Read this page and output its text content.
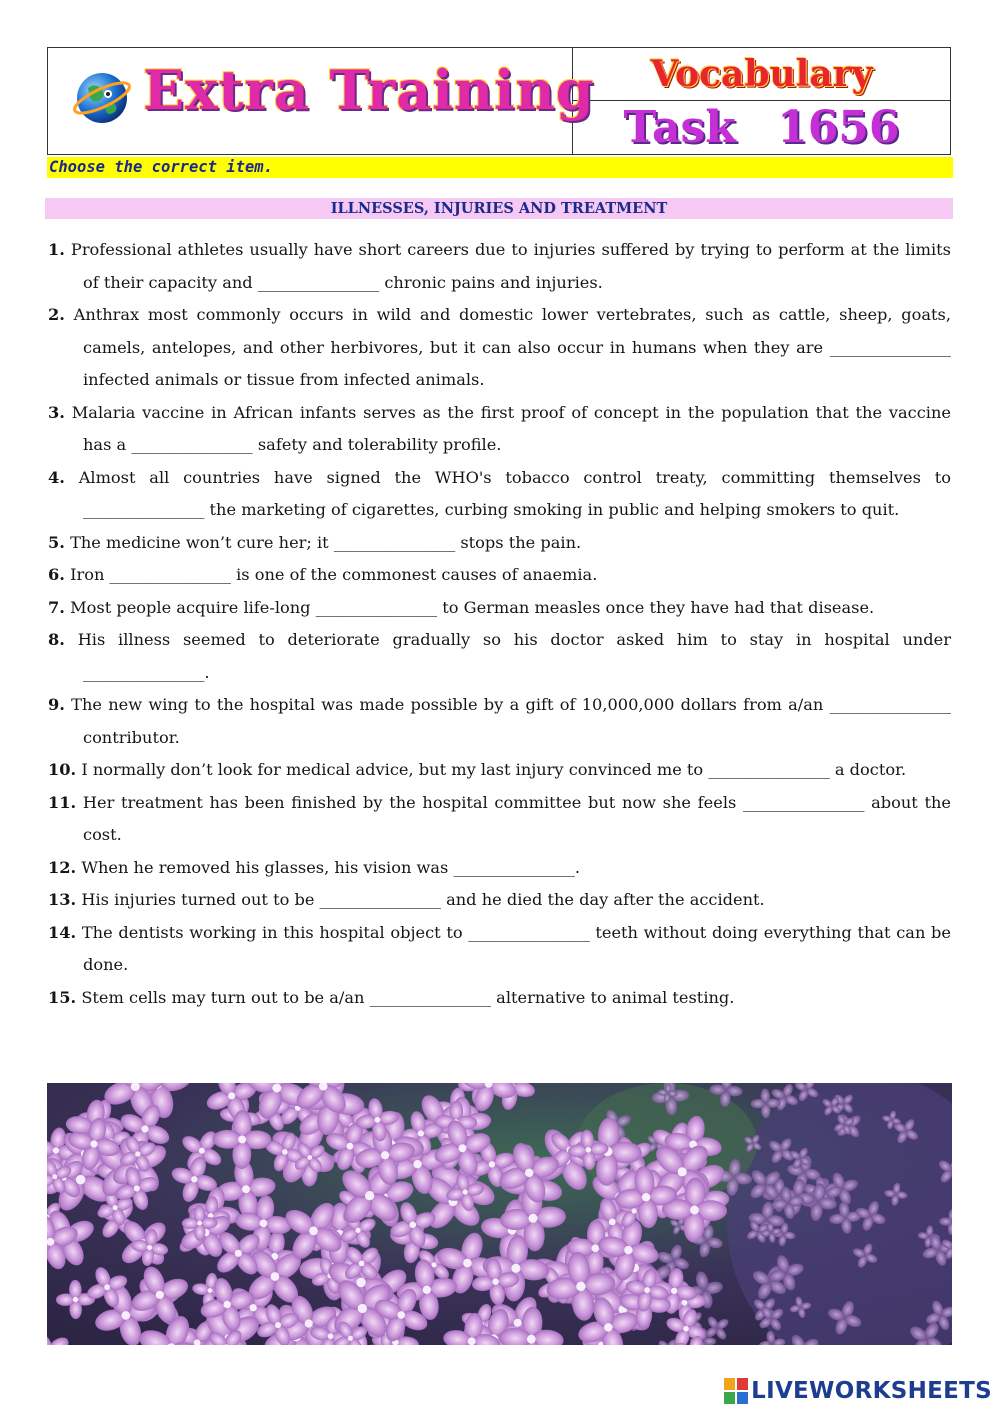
Extra Training Vocabulary
Task 1656
Choose the correct item.
ILLNESSES, INJURIES AND TREATMENT

1. Professional athletes usually have short careers due to injuries suffered by trying to perform at the limits of their capacity and _______________ chronic pains and injuries.

2. Anthrax most commonly occurs in wild and domestic lower vertebrates, such as cattle, sheep, goats, camels, antelopes, and other herbivores, but it can also occur in humans when they are _______________ infected animals or tissue from infected animals.

3. Malaria vaccine in African infants serves as the first proof of concept in the population that the vaccine has a _______________ safety and tolerability profile.

4. Almost all countries have signed the WHO's tobacco control treaty, committing themselves to _______________ the marketing of cigarettes, curbing smoking in public and helping smokers to quit.

5. The medicine won’t cure her; it _______________ stops the pain.

6. Iron _______________ is one of the commonest causes of anaemia.

7. Most people acquire life-long _______________ to German measles once they have had that disease.

8. His illness seemed to deteriorate gradually so his doctor asked him to stay in hospital under _______________.

9. The new wing to the hospital was made possible by a gift of 10,000,000 dollars from a/an _______________ contributor.

10. I normally don’t look for medical advice, but my last injury convinced me to _______________ a doctor.

11. Her treatment has been finished by the hospital committee but now she feels _______________ about the cost.

12. When he removed his glasses, his vision was _______________.

13. His injuries turned out to be _______________ and he died the day after the accident.

14. The dentists working in this hospital object to _______________ teeth without doing everything that can be done.

15. Stem cells may turn out to be a/an _______________ alternative to animal testing.

LIVEWORKSHEETS
